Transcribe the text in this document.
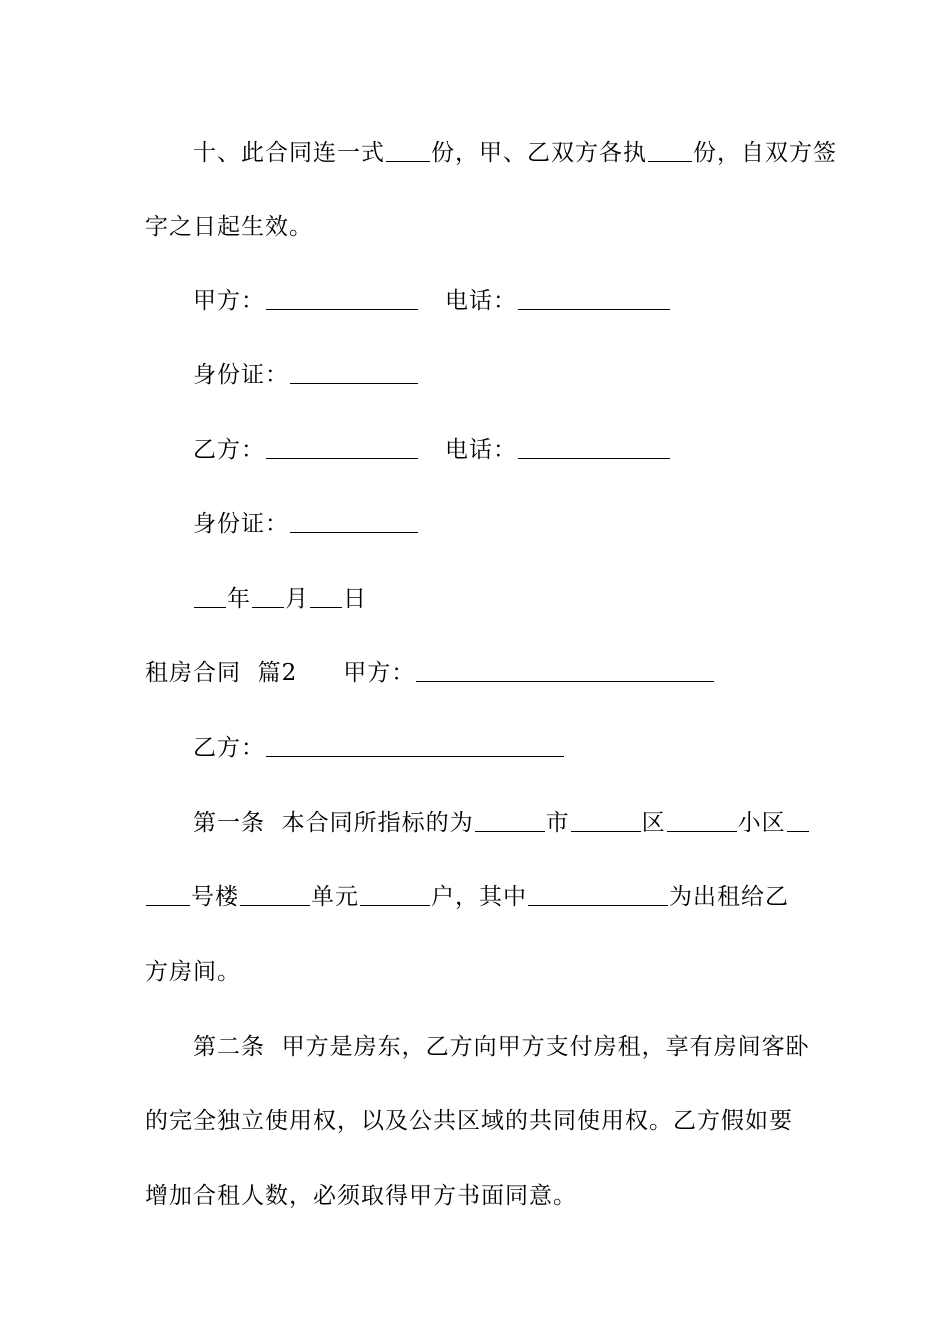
十、此合同连一式 份，甲、乙双方各执 份，自双方签
字之日起生效。
甲方：	电话：
身份证：
乙方：	电话：
身份证：
年 月 日
租房合同  篇2 甲方：
乙方：
第一条  本合同所指标的为	市	区	小区
号楼	单元	户，其中	为出租给乙
方房间。
第二条  甲方是房东，乙方向甲方支付房租，享有房间客卧
的完全独立使用权，以及公共区域的共同使用权。乙方假如要
增加合租人数，必须取得甲方书面同意。
